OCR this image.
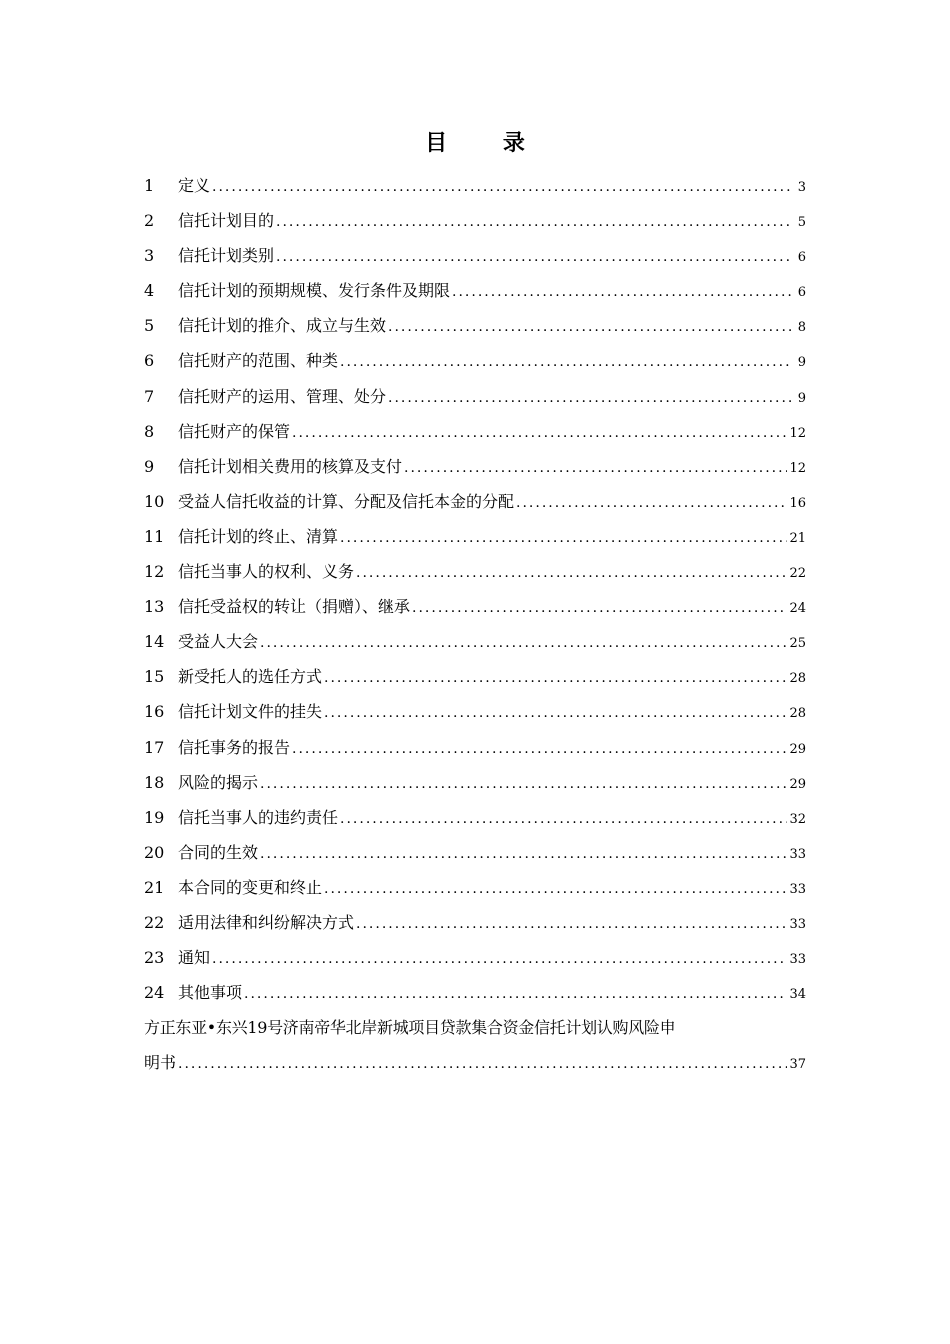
目 录
1	定义 .....	3
2	信托计划目的 .....	5
3	信托计划类别 .....	6
4	信托计划的预期规模、发行条件及期限 .....	6
5	信托计划的推介、成立与生效 .....	8
6	信托财产的范围、种类 .....	9
7	信托财产的运用、管理、处分 .....	9
8	信托财产的保管 .....	12
9	信托计划相关费用的核算及支付 .....	12
10 受益人信托收益的计算、分配及信托本金的分配 .....	16
11 信托计划的终止、清算 .....	21
12 信托当事人的权利、义务 .....	22
13 信托受益权的转让（捐赠）、继承 .....	24
14 受益人大会 .....	25
15 新受托人的选任方式 .....	28
16 信托计划文件的挂失 .....	28
17 信托事务的报告 .....	29
18 风险的揭示 .....	29
19 信托当事人的违约责任 .....	32
20 合同的生效 .....	33
21 本合同的变更和终止 .....	33
22 适用法律和纠纷解决方式 .....	33
23 通知 .....	33
24 其他事项 .....	34
方正东亚•东兴19号济南帝华北岸新城项目贷款集合资金信托计划认购风险申
明书 .....	37
